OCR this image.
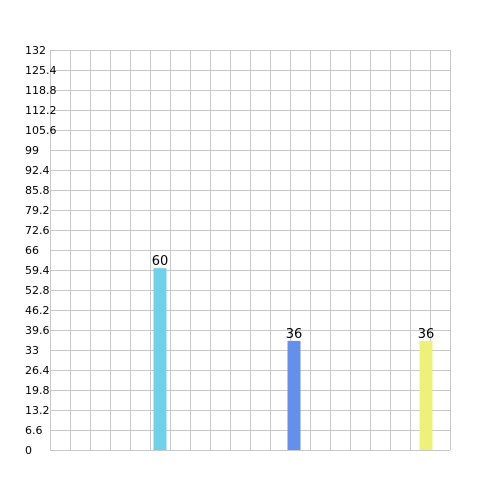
0
6.6
13.2
19.8
26.4
33
39.6
46.2
52.8
59.4
66
72.6
79.2
85.8
92.4
99
105.6
112.2
118.8
125.4
132
60
36	36
